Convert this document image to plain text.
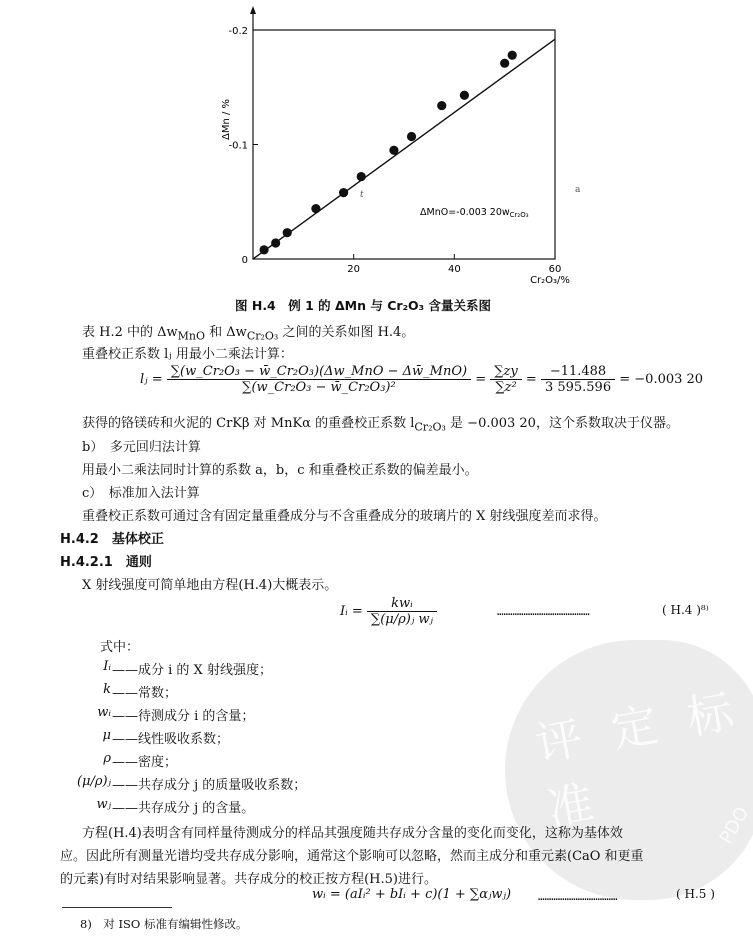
评 定 标 准	PDO
20	40	60
0
-0.1
-0.2
ΔMn / %
Cr₂O₃/%
ΔMnO=-0.003 $20w_{Cr_2O_3}$
t	a
图 H.4　例 1 的 ΔMn 与 Cr₂O₃ 含量关系图
表 H.2 中的 $\Delta w_{MnO}$ 和 $\Delta w_{Cr_2O_3}$ 之间的关系如图 H.4。
重叠校正系数 lⱼ 用最小二乘法计算：
lⱼ = $\frac{\text{∑(w\_Cr₂O₃ − w̄\_Cr₂O₃)(Δw\_MnO − Δw̄\_MnO)}}{\text{∑(w\_Cr₂O₃ − w̄\_Cr₂O₃)²}} = \frac{\sum zy}{\text{∑z²}} = \frac{-11.488}{3 595.596} = -0.003$ 20
获得的铬镁砖和火泥的 CrKβ 对 MnKα 的重叠校正系数 $l_{Cr_2O_3}$ 是 −0.003 20，这个系数取决于仪器。
b）　多元回归法计算
用最小二乘法同时计算的系数 a，b，c 和重叠校正系数的偏差最小。
c）　标准加入法计算
重叠校正系数可通过含有固定量重叠成分与不含重叠成分的玻璃片的 X 射线强度差而求得。
H.4.2　基体校正
H.4.2.1　通则
X 射线强度可简单地由方程(H.4)大概表示。
Iᵢ = $\frac{\text{kwᵢ}}{\text{∑(μ/ρ)ⱼ wⱼ}}$	……………………………………	( H.4 )⁸⁾
式中：
Iᵢ ——成分 i 的 X 射线强度；
k ——常数；
wᵢ ——待测成分 i 的含量；
μ ——线性吸收系数；
ρ ——密度；
(μ/ρ)ⱼ ——共存成分 j 的质量吸收系数；
wⱼ ——共存成分 j 的含量。
方程(H.4)表明含有同样量待测成分的样品其强度随共存成分含量的变化而变化，这称为基体效
应。因此所有测量光谱均受共存成分影响，通常这个影响可以忽略，然而主成分和重元素(CaO 和更重
的元素)有时对结果影响显著。共存成分的校正按方程(H.5)进行。
wᵢ = (aIᵢ² + bIᵢ + c)(1 + ∑αⱼwⱼ) ………………………………	( H.5 )
8)　对 ISO 标准有编辑性修改。
